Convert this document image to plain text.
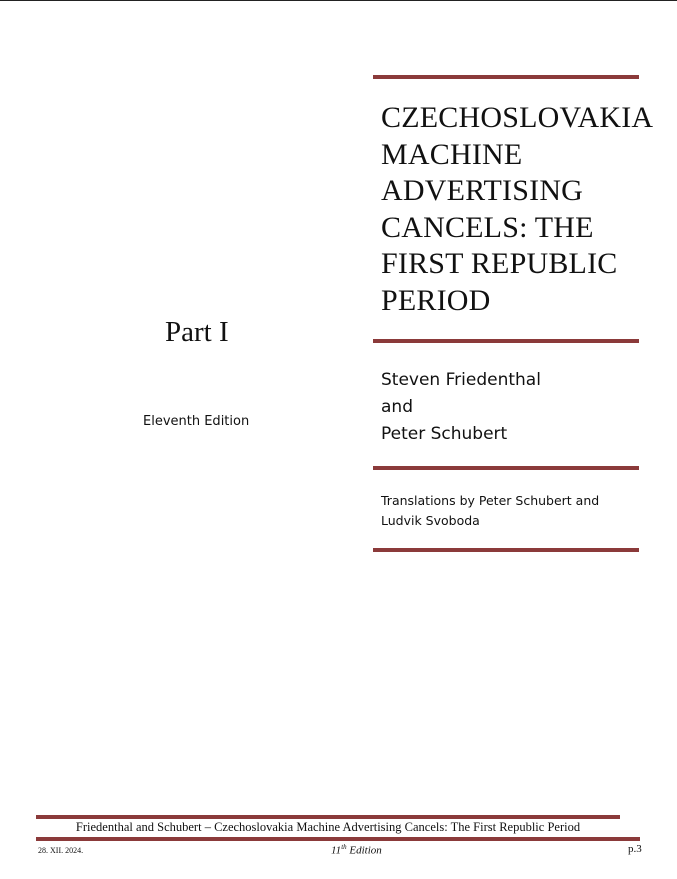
CZECHOSLOVAKIA
MACHINE
ADVERTISING
CANCELS: THE
FIRST REPUBLIC
PERIOD
Part I
Eleventh Edition
Steven Friedenthal
and
Peter Schubert
Translations by Peter Schubert and
Ludvik Svoboda
Friedenthal and Schubert – Czechoslovakia Machine Advertising Cancels: The First Republic Period
28. XII. 2024.	11th Edition	p.3
